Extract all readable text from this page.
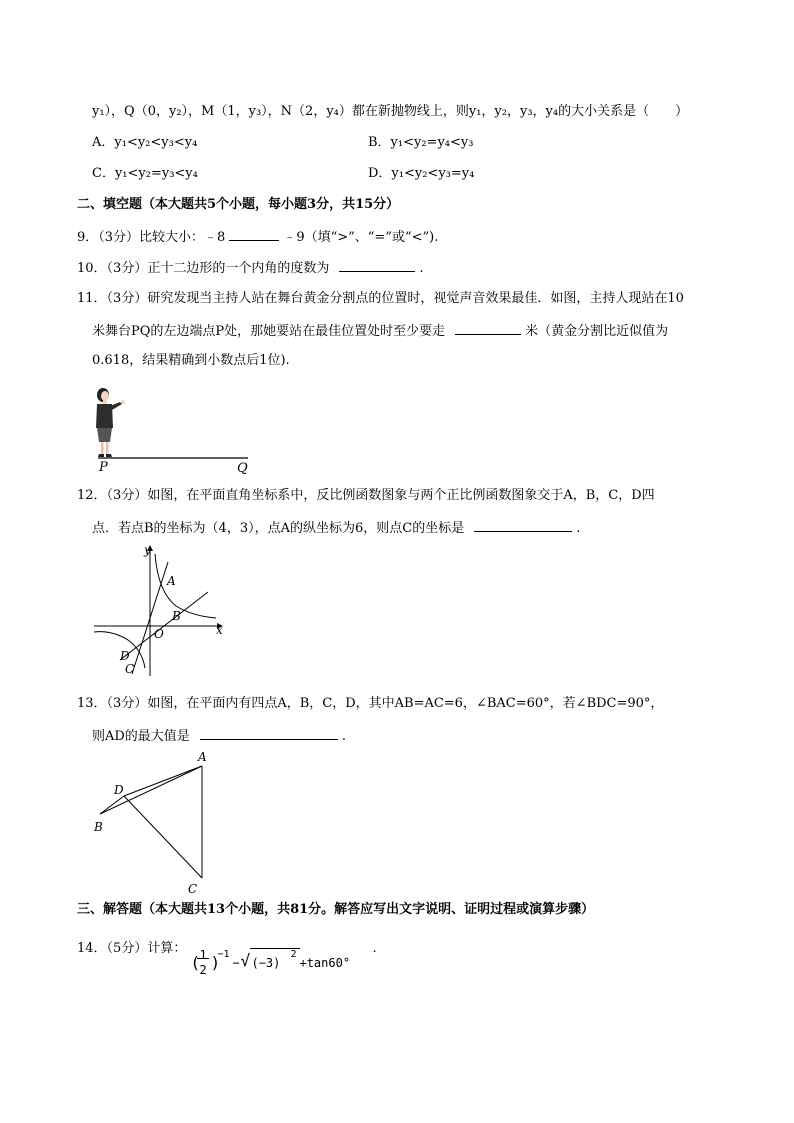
y₁），Q（0，y₂），M（1，y₃），N（2，y₄）都在新抛物线上，则y₁，y₂，y₃，y₄的大小关系是（　　）
A．y₁<y₂<y₃<y₄	B．y₁<y₂=y₄<y₃
C．y₁<y₂=y₃<y₄	D．y₁<y₂<y₃=y₄
二、填空题（本大题共5个小题，每小题3分，共15分）
9．（3分）比较大小：﹣8	﹣9（填“>”、“=”或“<”).
10．（3分）正十二边形的一个内角的度数为	.
11．（3分）研究发现当主持人站在舞台黄金分割点的位置时，视觉声音效果最佳．如图，主持人现站在10
米舞台PQ的左边端点P处，那她要站在最佳位置处时至少要走	米（黄金分割比近似值为
0.618，结果精确到小数点后1位).
P	Q
12．（3分）如图，在平面直角坐标系中，反比例函数图象与两个正比例函数图象交于A，B，C，D四
点．若点B的坐标为（4，3），点A的纵坐标为6，则点C的坐标是	.
y
x
O
A
B
D
C
13．（3分）如图，在平面内有四点A，B，C，D，其中AB=AC=6，∠BAC=60°，若∠BDC=90°，
则AD的最大值是	.
A
B
C
D
三、解答题（本大题共13个小题，共81分。解答应写出文字说明、证明过程或演算步骤）
14．（5分）计算：
( 1
2 )
−1
− √ (−3)
2
+tan60°
.
